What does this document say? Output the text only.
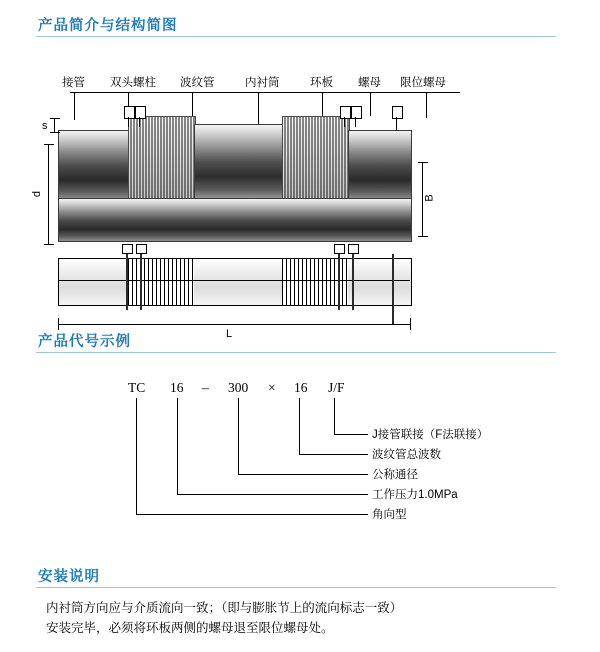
产品简介与结构简图
接管 双头螺柱 波纹管	内衬筒	环板 螺母 限位螺母
s
d
B
L
产品代号示例
TC 16 – 300 × 16 J/F
J接管联接（F法联接）
波纹管总波数
公称通径
工作压力1.0MPa
角向型
安装说明
内衬筒方向应与介质流向一致；（即与膨胀节上的流向标志一致）
安装完毕，必须将环板两侧的螺母退至限位螺母处。
